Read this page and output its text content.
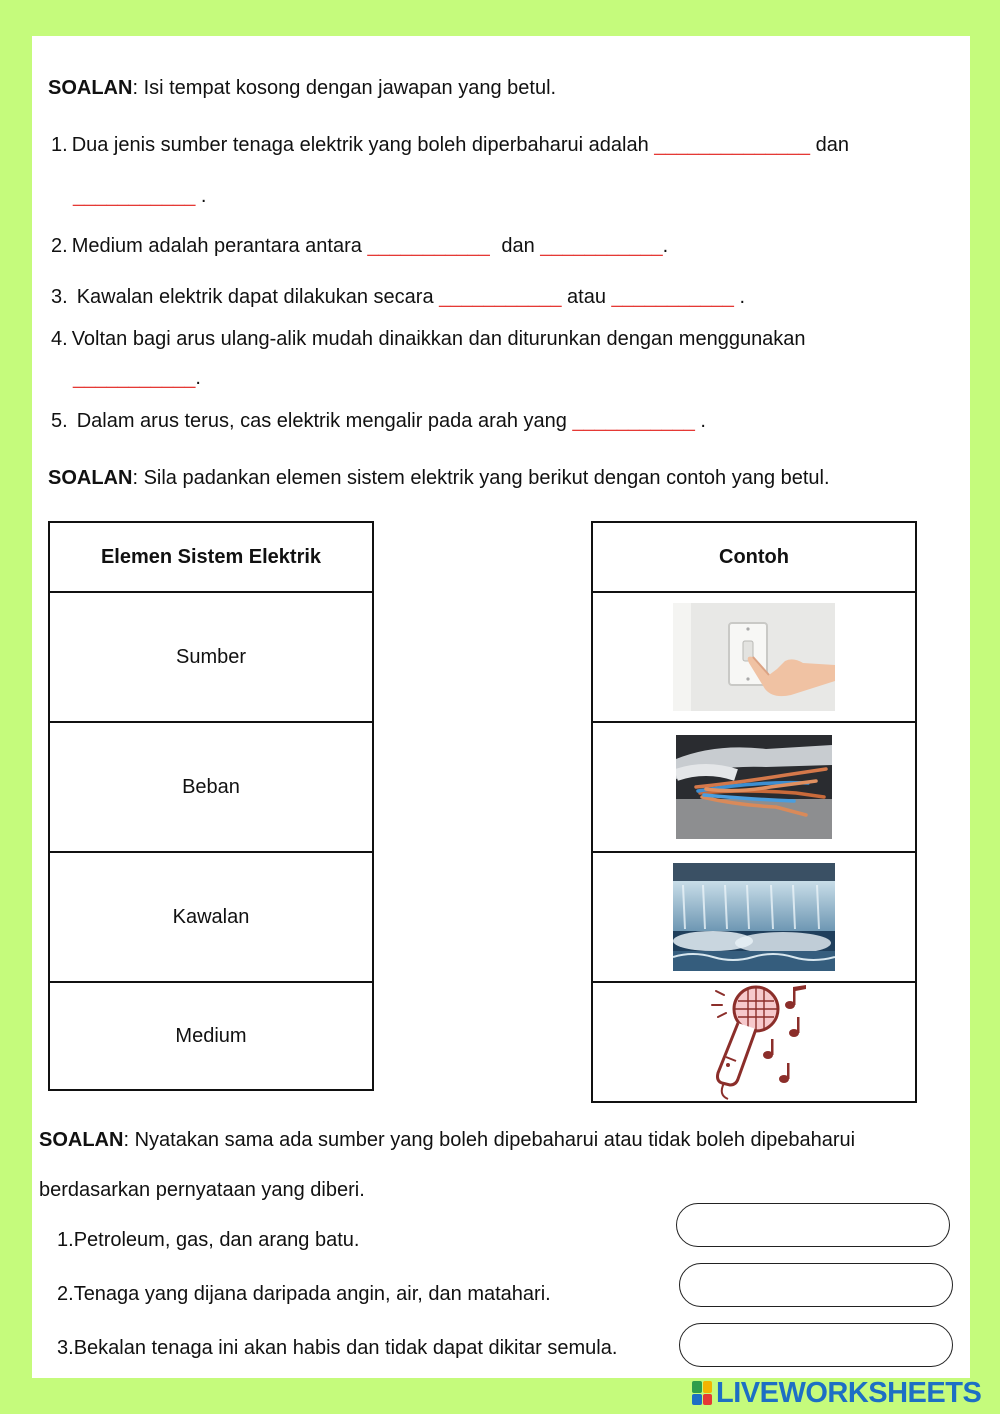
SOALAN: Isi tempat kosong dengan jawapan yang betul.
1. Dua jenis sumber tenaga elektrik yang boleh diperbaharui adalah ______________ dan
___________ .
2. Medium adalah perantara antara ___________ dan ___________.
3. Kawalan elektrik dapat dilakukan secara ___________ atau ___________ .
4. Voltan bagi arus ulang-alik mudah dinaikkan dan diturunkan dengan menggunakan
___________.
5. Dalam arus terus, cas elektrik mengalir pada arah yang ___________ .
SOALAN: Sila padankan elemen sistem elektrik yang berikut dengan contoh yang betul.
Elemen Sistem Elektrik
Sumber
Beban
Kawalan
Medium
Contoh

SOALAN: Nyatakan sama ada sumber yang boleh dipebaharui atau tidak boleh dipebaharui
berdasarkan pernyataan yang diberi.
1.Petroleum, gas, dan arang batu.
2.Tenaga yang dijana daripada angin, air, dan matahari.
3.Bekalan tenaga ini akan habis dan tidak dapat dikitar semula.
LIVEWORKSHEETS
